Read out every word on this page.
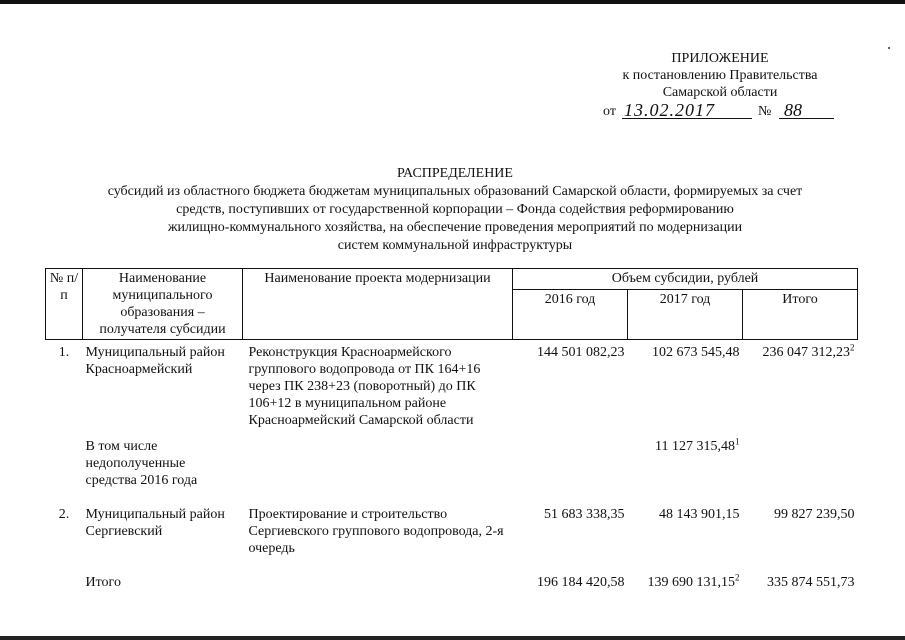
ПРИЛОЖЕНИЕ
к постановлению Правительства
Самарской области
от 13.02.2017	№ 88
РАСПРЕДЕЛЕНИЕ
субсидий из областного бюджета бюджетам муниципальных образований Самарской области, формируемых за счет
средств, поступивших от государственной корпорации – Фонда содействия реформированию
жилищно-коммунального хозяйства, на обеспечение проведения мероприятий по модернизации
систем коммунальной инфраструктуры
№ п/п	Наименование муниципального образования – получателя субсидии	Наименование проекта модернизации	Объем субсидии, рублей		
			2016 год	2017 год	Итого
1.	Муниципальный район Красноармейский	Реконструкция Красноармейского группового водопровода от ПК 164+16 через ПК 238+23 (поворотный) до ПК 106+12 в муниципальном районе Красноармейский Самарской области	144 501 082,23	102 673 545,48	236 047 312,23$^2$
	В том числе недополученные средства 2016 года			11 127 315,48$^1$	
2.	Муниципальный район Сергиевский	Проектирование и строительство Сергиевского группового водопровода, 2-я очередь	51 683 338,35	48 143 901,15	99 827 239,50
	Итого		196 184 420,58	139 690 131,15$^2$	335 874 551,73
